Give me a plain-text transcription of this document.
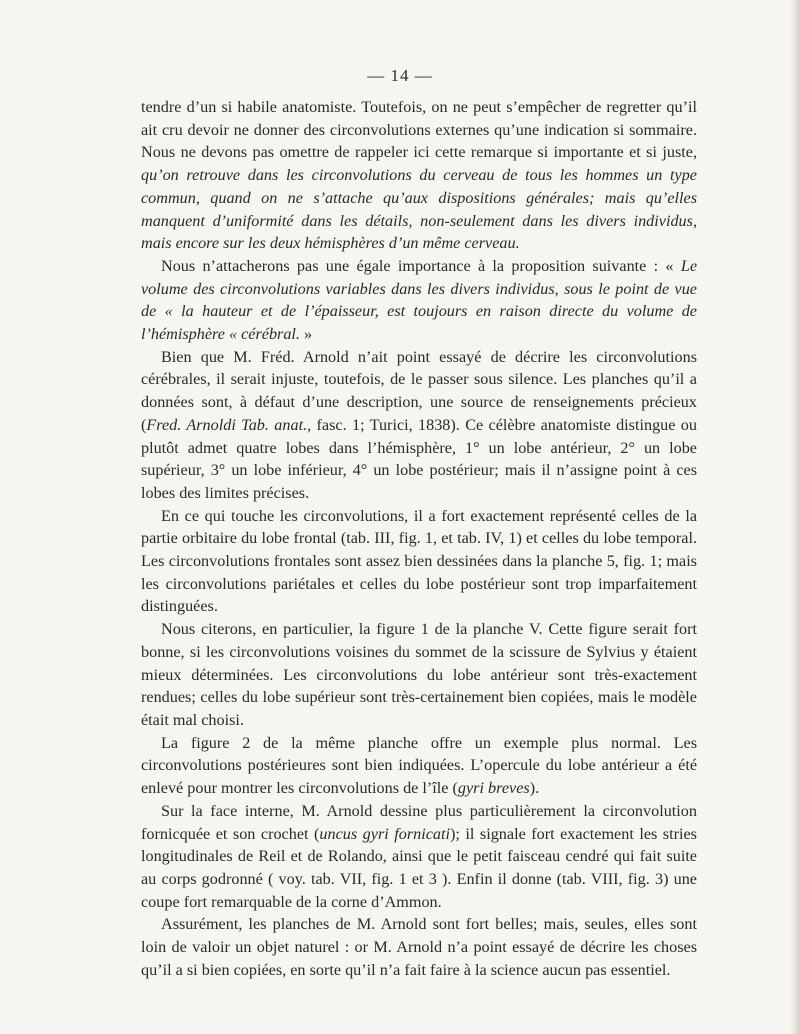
— 14 —

tendre d’un si habile anatomiste. Toutefois, on ne peut s’empêcher de regretter qu’il ait cru devoir ne donner des circonvolutions externes qu’une indication si sommaire. Nous ne devons pas omettre de rappeler ici cette remarque si importante et si juste, qu’on retrouve dans les circonvolutions du cerveau de tous les hommes un type commun, quand on ne s’attache qu’aux dispositions générales; mais qu’elles manquent d’uniformité dans les détails, non-seulement dans les divers individus, mais encore sur les deux hémisphères d’un même cerveau.

Nous n’attacherons pas une égale importance à la proposition suivante : « Le volume des circonvolutions variables dans les divers individus, sous le point de vue de « la hauteur et de l’épaisseur, est toujours en raison directe du volume de l’hémisphère « cérébral. »

Bien que M. Fréd. Arnold n’ait point essayé de décrire les circonvolutions cérébrales, il serait injuste, toutefois, de le passer sous silence. Les planches qu’il a données sont, à défaut d’une description, une source de renseignements précieux (Fred. Arnoldi Tab. anat., fasc. 1; Turici, 1838). Ce célèbre anatomiste distingue ou plutôt admet quatre lobes dans l’hémisphère, 1° un lobe antérieur, 2° un lobe supérieur, 3° un lobe inférieur, 4° un lobe postérieur; mais il n’assigne point à ces lobes des limites précises.

En ce qui touche les circonvolutions, il a fort exactement représenté celles de la partie orbitaire du lobe frontal (tab. III, fig. 1, et tab. IV, 1) et celles du lobe temporal. Les circonvolutions frontales sont assez bien dessinées dans la planche 5, fig. 1; mais les circonvolutions pariétales et celles du lobe postérieur sont trop imparfaitement distinguées.

Nous citerons, en particulier, la figure 1 de la planche V. Cette figure serait fort bonne, si les circonvolutions voisines du sommet de la scissure de Sylvius y étaient mieux déterminées. Les circonvolutions du lobe antérieur sont très-exactement rendues; celles du lobe supérieur sont très-certainement bien copiées, mais le modèle était mal choisi.

La figure 2 de la même planche offre un exemple plus normal. Les circonvolutions postérieures sont bien indiquées. L’opercule du lobe antérieur a été enlevé pour montrer les circonvolutions de l’île (gyri breves).

Sur la face interne, M. Arnold dessine plus particulièrement la circonvolution fornicquée et son crochet (uncus gyri fornicati); il signale fort exactement les stries longitudinales de Reil et de Rolando, ainsi que le petit faisceau cendré qui fait suite au corps godronné ( voy. tab. VII, fig. 1 et 3 ). Enfin il donne (tab. VIII, fig. 3) une coupe fort remarquable de la corne d’Ammon.

Assurément, les planches de M. Arnold sont fort belles; mais, seules, elles sont loin de valoir un objet naturel : or M. Arnold n’a point essayé de décrire les choses qu’il a si bien copiées, en sorte qu’il n’a fait faire à la science aucun pas essentiel.
